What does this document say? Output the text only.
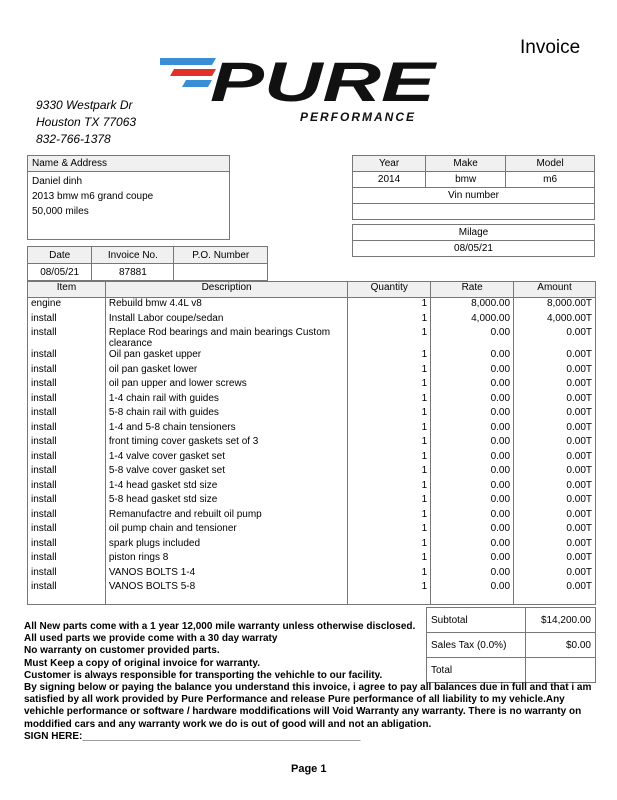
Invoice
PURE
PERFORMANCE
9330 Westpark Dr
Houston TX 77063
832-766-1378
Name & Address
Daniel dinh
2013 bmw m6 grand coupe
50,000 miles
Year	Make	Model
2014	bmw	m6
Vin number		

Milage		
08/05/21		
Date	Invoice No.	P.O. Number
08/05/21	87881	
Item	Description	Quantity	Rate	Amount
engine	Rebuild bmw 4.4L v8	1	8,000.00	8,000.00T
install	Install Labor coupe/sedan	1	4,000.00	4,000.00T
install	Replace Rod bearings and main bearings Custom clearance	1	0.00	0.00T
install	Oil pan gasket upper	1	0.00	0.00T
install	oil pan gasket lower	1	0.00	0.00T
install	oil pan upper and lower screws	1	0.00	0.00T
install	1-4 chain rail with guides	1	0.00	0.00T
install	5-8 chain rail with guides	1	0.00	0.00T
install	1-4 and 5-8 chain tensioners	1	0.00	0.00T
install	front timing cover gaskets set of 3	1	0.00	0.00T
install	1-4 valve cover gasket set	1	0.00	0.00T
install	5-8 valve cover gasket set	1	0.00	0.00T
install	1-4 head gasket std size	1	0.00	0.00T
install	5-8 head gasket std size	1	0.00	0.00T
install	Remanufactre and rebuilt oil pump	1	0.00	0.00T
install	oil pump chain and tensioner	1	0.00	0.00T
install	spark plugs included	1	0.00	0.00T
install	piston rings 8	1	0.00	0.00T
install	VANOS BOLTS 1-4	1	0.00	0.00T
install	VANOS BOLTS 5-8	1	0.00	0.00T

Subtotal	$14,200.00
Sales Tax (0.0%)	$0.00
Total	
All New parts come with a 1 year 12,000 mile warranty unless otherwise disclosed.
All used parts we provide come with a 30 day warraty
No warranty on customer provided parts.
Must Keep a copy of original invoice for warranty.
Customer is always responsible for transporting the vehichle to our facility.
By signing below or paying the balance you understand this invoice, i agree to pay all balances due in full and that i am satisfied by all work provided by Pure Performance and release Pure performance of all liability to my vehicle.Any vehichle performance or software / hardware moddifications will Void Warranty any warranty. There is no warranty on moddified cars and any warranty work we do is out of good will and not an abligation.
SIGN HERE:__________________________________________________
Page 1
